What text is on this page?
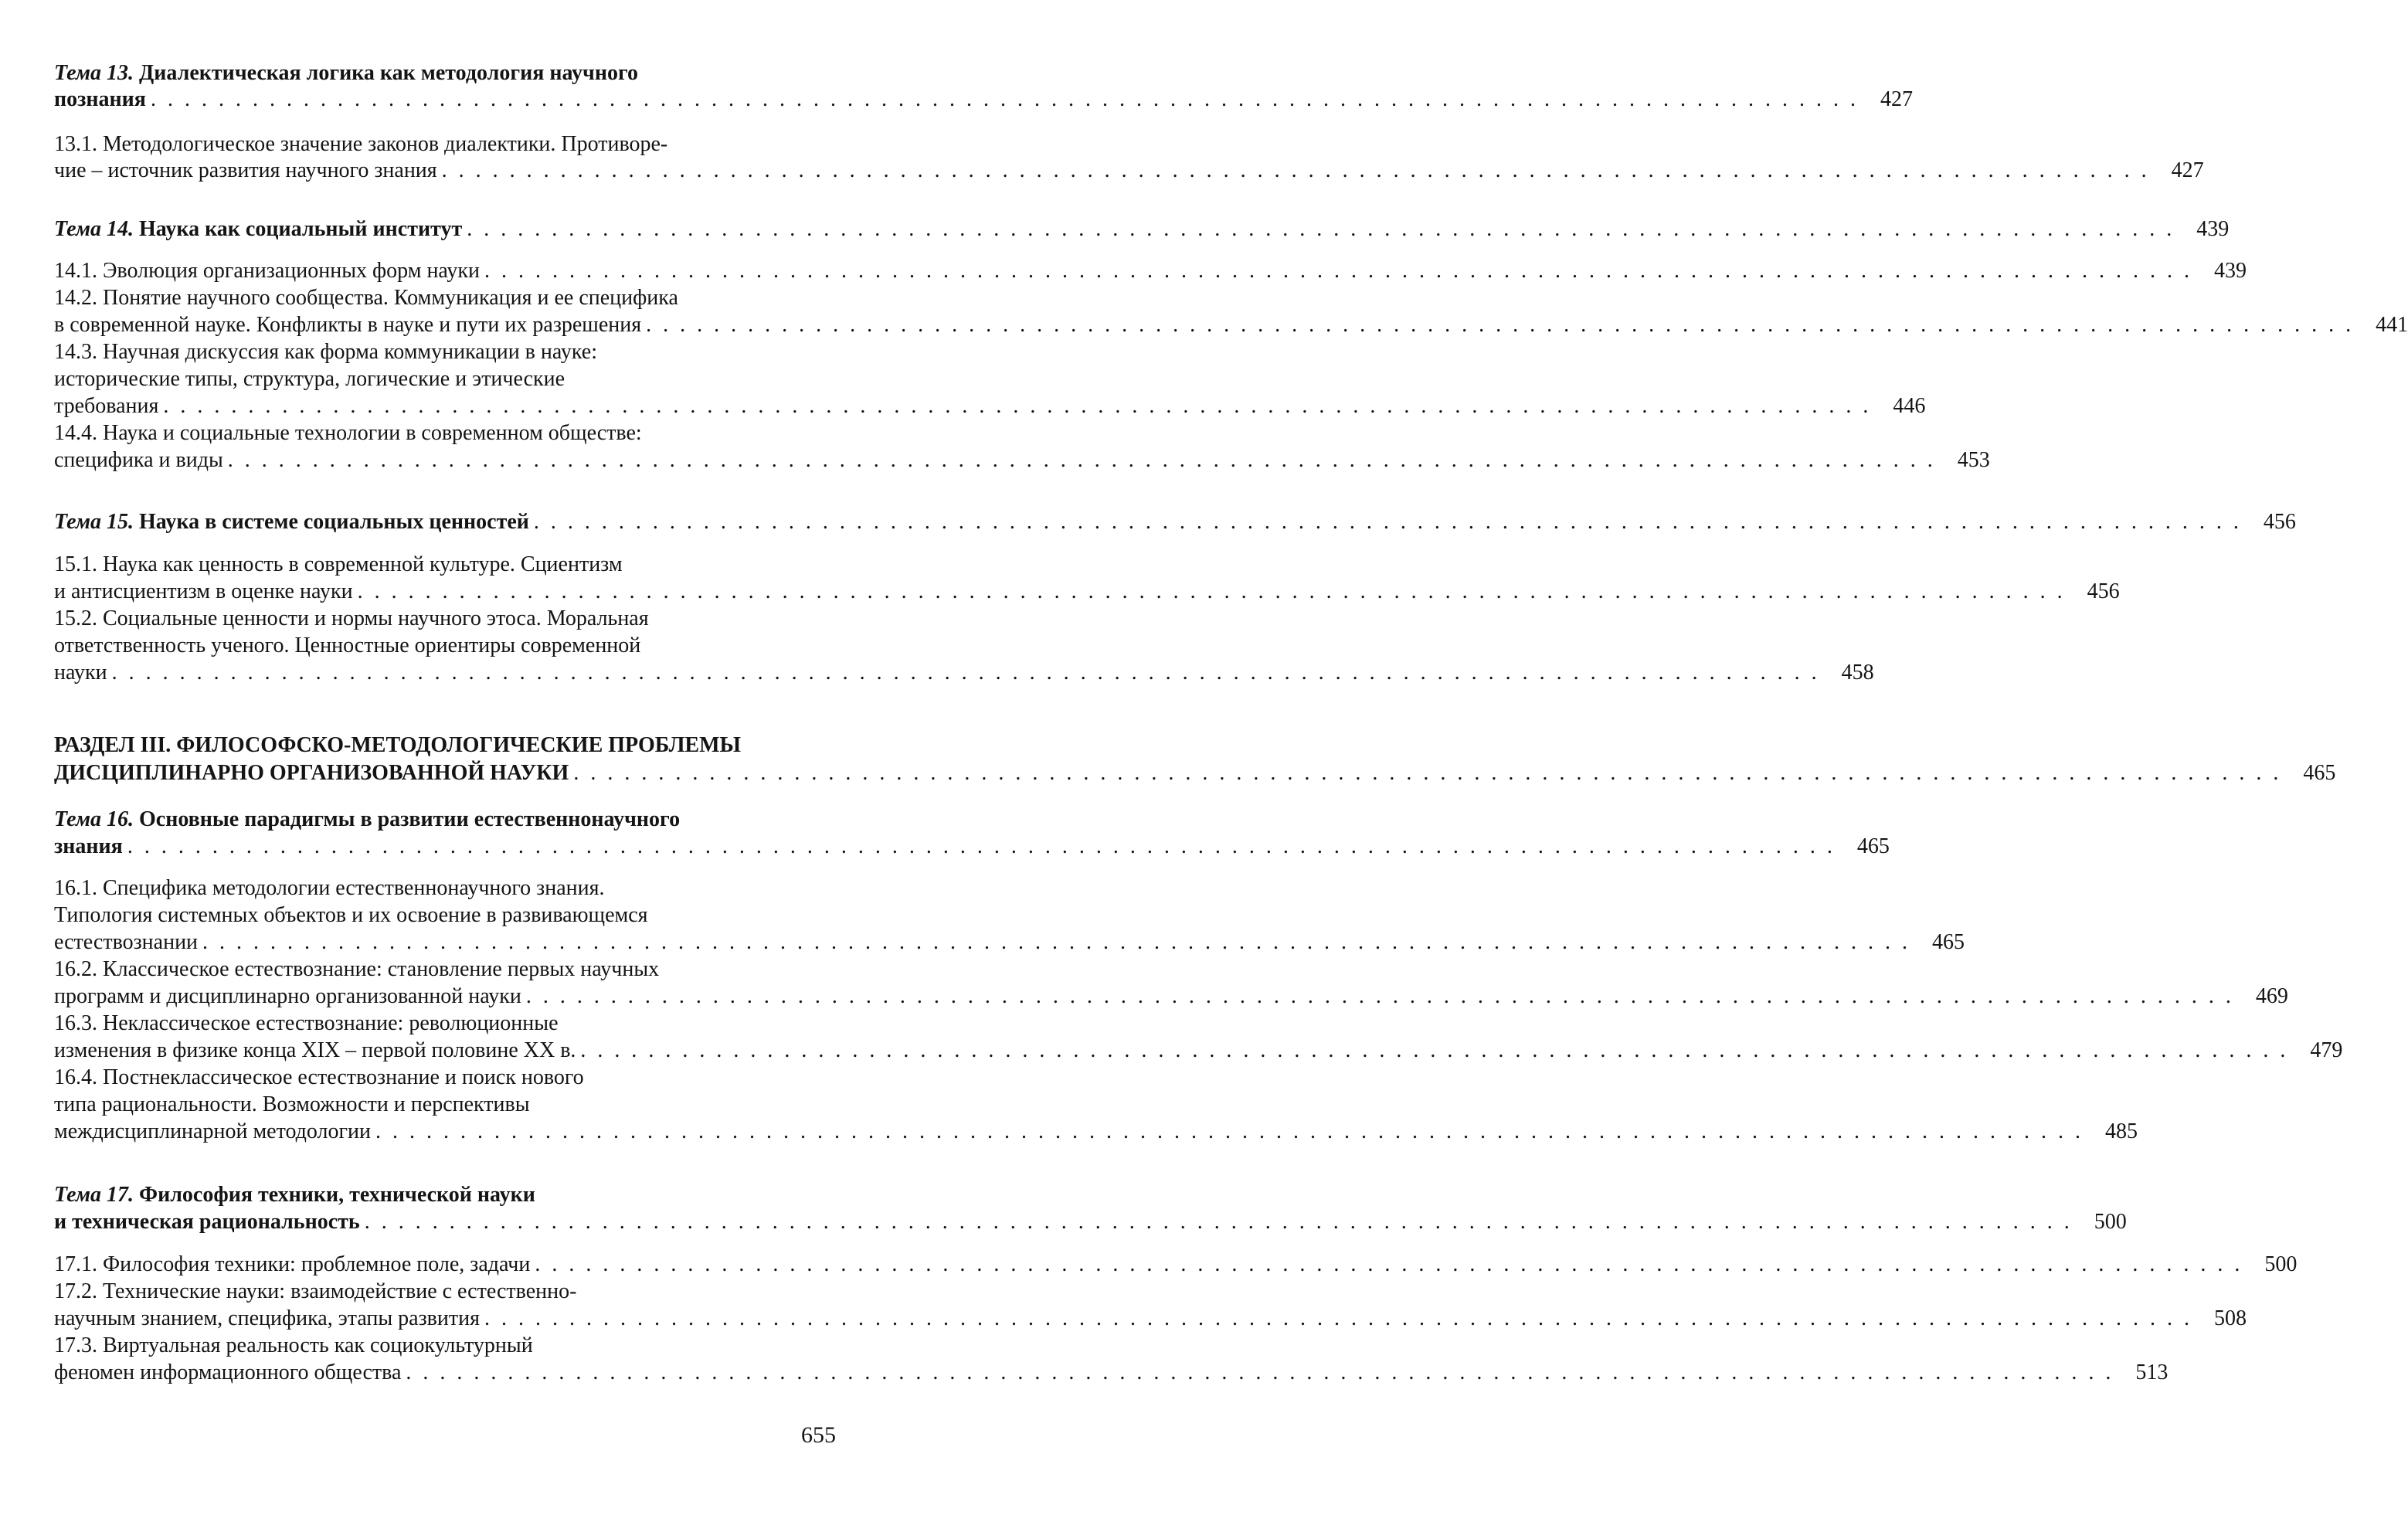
Тема 13. Диалектическая логика как методология научного
познания . . . . . . . . . . . . . . . . . . . . . . . . . . . . . . . . . . . . . . . . . . . . . . . . . . . . . . . . . . . . . . . . . . . . . . . . . . . . . . . . . . . . . . . . . . . . . . . . . . . . .	427
13.1. Методологическое значение законов диалектики. Противоре-
чие – источник развития научного знания . . . . . . . . . . . . . . . . . . . . . . . . . . . . . . . . . . . . . . . . . . . . . . . . . . . . . . . . . . . . . . . . . . . . . . . . . . . . . . . . . . . . . . . . . . . . . . . . . . . . .	427
Тема 14. Наука как социальный институт . . . . . . . . . . . . . . . . . . . . . . . . . . . . . . . . . . . . . . . . . . . . . . . . . . . . . . . . . . . . . . . . . . . . . . . . . . . . . . . . . . . . . . . . . . . . . . . . . . . . .	439
14.1. Эволюция организационных форм науки . . . . . . . . . . . . . . . . . . . . . . . . . . . . . . . . . . . . . . . . . . . . . . . . . . . . . . . . . . . . . . . . . . . . . . . . . . . . . . . . . . . . . . . . . . . . . . . . . . . . .	439
14.2. Понятие научного сообщества. Коммуникация и ее специфика
в современной науке. Конфликты в науке и пути их разрешения . . . . . . . . . . . . . . . . . . . . . . . . . . . . . . . . . . . . . . . . . . . . . . . . . . . . . . . . . . . . . . . . . . . . . . . . . . . . . . . . . . . . . . . . . . . . . . . . . . . . .	441
14.3. Научная дискуссия как форма коммуникации в науке:
исторические типы, структура, логические и этические
требования . . . . . . . . . . . . . . . . . . . . . . . . . . . . . . . . . . . . . . . . . . . . . . . . . . . . . . . . . . . . . . . . . . . . . . . . . . . . . . . . . . . . . . . . . . . . . . . . . . . . .	446
14.4. Наука и социальные технологии в современном обществе:
специфика и виды . . . . . . . . . . . . . . . . . . . . . . . . . . . . . . . . . . . . . . . . . . . . . . . . . . . . . . . . . . . . . . . . . . . . . . . . . . . . . . . . . . . . . . . . . . . . . . . . . . . . .	453
Тема 15. Наука в системе социальных ценностей . . . . . . . . . . . . . . . . . . . . . . . . . . . . . . . . . . . . . . . . . . . . . . . . . . . . . . . . . . . . . . . . . . . . . . . . . . . . . . . . . . . . . . . . . . . . . . . . . . . . .	456
15.1. Наука как ценность в современной культуре. Сциентизм
и антисциентизм в оценке науки . . . . . . . . . . . . . . . . . . . . . . . . . . . . . . . . . . . . . . . . . . . . . . . . . . . . . . . . . . . . . . . . . . . . . . . . . . . . . . . . . . . . . . . . . . . . . . . . . . . . .	456
15.2. Социальные ценности и нормы научного этоса. Моральная
ответственность ученого. Ценностные ориентиры современной
науки . . . . . . . . . . . . . . . . . . . . . . . . . . . . . . . . . . . . . . . . . . . . . . . . . . . . . . . . . . . . . . . . . . . . . . . . . . . . . . . . . . . . . . . . . . . . . . . . . . . . .	458
РАЗДЕЛ III. ФИЛОСОФСКО-МЕТОДОЛОГИЧЕСКИЕ ПРОБЛЕМЫ
ДИСЦИПЛИНАРНО ОРГАНИЗОВАННОЙ НАУКИ . . . . . . . . . . . . . . . . . . . . . . . . . . . . . . . . . . . . . . . . . . . . . . . . . . . . . . . . . . . . . . . . . . . . . . . . . . . . . . . . . . . . . . . . . . . . . . . . . . . . .	465
Тема 16. Основные парадигмы в развитии естественнонаучного
знания . . . . . . . . . . . . . . . . . . . . . . . . . . . . . . . . . . . . . . . . . . . . . . . . . . . . . . . . . . . . . . . . . . . . . . . . . . . . . . . . . . . . . . . . . . . . . . . . . . . . .	465
16.1. Специфика методологии естественнонаучного знания.
Типология системных объектов и их освоение в развивающемся
естествознании . . . . . . . . . . . . . . . . . . . . . . . . . . . . . . . . . . . . . . . . . . . . . . . . . . . . . . . . . . . . . . . . . . . . . . . . . . . . . . . . . . . . . . . . . . . . . . . . . . . . .	465
16.2. Классическое естествознание: становление первых научных
программ и дисциплинарно организованной науки . . . . . . . . . . . . . . . . . . . . . . . . . . . . . . . . . . . . . . . . . . . . . . . . . . . . . . . . . . . . . . . . . . . . . . . . . . . . . . . . . . . . . . . . . . . . . . . . . . . . .	469
16.3. Неклассическое естествознание: революционные
изменения в физике конца XIX – первой половине XX в. . . . . . . . . . . . . . . . . . . . . . . . . . . . . . . . . . . . . . . . . . . . . . . . . . . . . . . . . . . . . . . . . . . . . . . . . . . . . . . . . . . . . . . . . . . . . . . . . . . . . .	479
16.4. Постнеклассическое естествознание и поиск нового
типа рациональности. Возможности и перспективы
междисциплинарной методологии . . . . . . . . . . . . . . . . . . . . . . . . . . . . . . . . . . . . . . . . . . . . . . . . . . . . . . . . . . . . . . . . . . . . . . . . . . . . . . . . . . . . . . . . . . . . . . . . . . . . .	485
Тема 17. Философия техники, технической науки
и техническая рациональность . . . . . . . . . . . . . . . . . . . . . . . . . . . . . . . . . . . . . . . . . . . . . . . . . . . . . . . . . . . . . . . . . . . . . . . . . . . . . . . . . . . . . . . . . . . . . . . . . . . . .	500
17.1. Философия техники: проблемное поле, задачи . . . . . . . . . . . . . . . . . . . . . . . . . . . . . . . . . . . . . . . . . . . . . . . . . . . . . . . . . . . . . . . . . . . . . . . . . . . . . . . . . . . . . . . . . . . . . . . . . . . . .	500
17.2. Технические науки: взаимодействие с естественно-
научным знанием, специфика, этапы развития . . . . . . . . . . . . . . . . . . . . . . . . . . . . . . . . . . . . . . . . . . . . . . . . . . . . . . . . . . . . . . . . . . . . . . . . . . . . . . . . . . . . . . . . . . . . . . . . . . . . .	508
17.3. Виртуальная реальность как социокультурный
феномен информационного общества . . . . . . . . . . . . . . . . . . . . . . . . . . . . . . . . . . . . . . . . . . . . . . . . . . . . . . . . . . . . . . . . . . . . . . . . . . . . . . . . . . . . . . . . . . . . . . . . . . . . .	513
655
